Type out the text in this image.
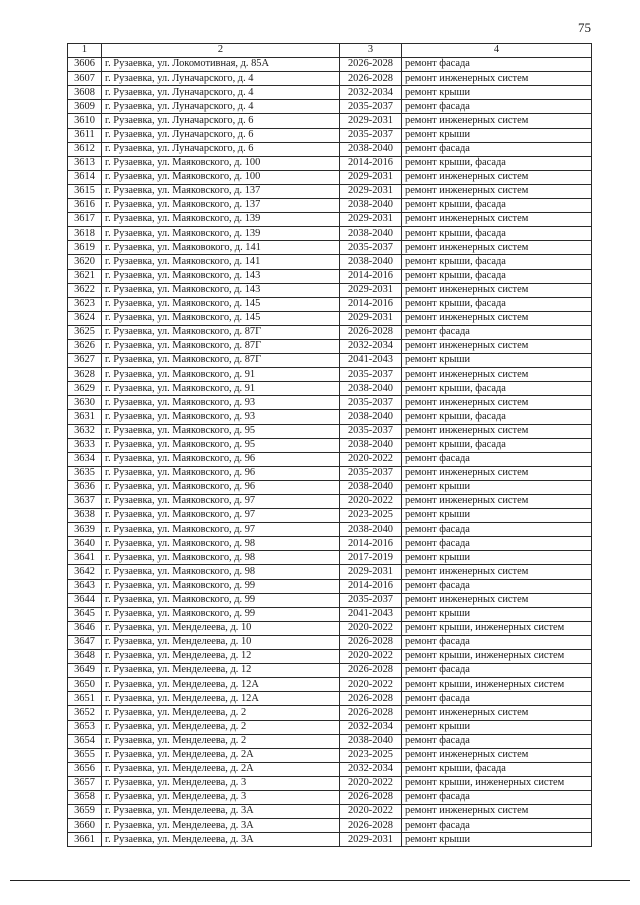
75
1	2	3	4
3606	г. Рузаевка, ул. Локомотивная, д. 85А	2026-2028	ремонт фасада
3607	г. Рузаевка, ул. Луначарского, д. 4	2026-2028	ремонт инженерных систем
3608	г. Рузаевка, ул. Луначарского, д. 4	2032-2034	ремонт крыши
3609	г. Рузаевка, ул. Луначарского, д. 4	2035-2037	ремонт фасада
3610	г. Рузаевка, ул. Луначарского, д. 6	2029-2031	ремонт инженерных систем
3611	г. Рузаевка, ул. Луначарского, д. 6	2035-2037	ремонт крыши
3612	г. Рузаевка, ул. Луначарского, д. 6	2038-2040	ремонт фасада
3613	г. Рузаевка, ул. Маяковского, д. 100	2014-2016	ремонт крыши, фасада
3614	г. Рузаевка, ул. Маяковского, д. 100	2029-2031	ремонт инженерных систем
3615	г. Рузаевка, ул. Маяковского, д. 137	2029-2031	ремонт инженерных систем
3616	г. Рузаевка, ул. Маяковского, д. 137	2038-2040	ремонт крыши, фасада
3617	г. Рузаевка, ул. Маяковского, д. 139	2029-2031	ремонт инженерных систем
3618	г. Рузаевка, ул. Маяковского, д. 139	2038-2040	ремонт крыши, фасада
3619	г. Рузаевка, ул. Маяковокого, д. 141	2035-2037	ремонт инженерных систем
3620	г. Рузаевка, ул. Маяковского, д. 141	2038-2040	ремонт крыши, фасада
3621	г. Рузаевка, ул. Маяковского, д. 143	2014-2016	ремонт крыши, фасада
3622	г. Рузаевка, ул. Маяковского, д. 143	2029-2031	ремонт инженерных систем
3623	г. Рузаевка, ул. Маяковского, д. 145	2014-2016	ремонт крыши, фасада
3624	г. Рузаевка, ул. Маяковского, д. 145	2029-2031	ремонт инженерных систем
3625	г. Рузаевка, ул. Маяковского, д. 87Г	2026-2028	ремонт фасада
3626	г. Рузаевка, ул. Маяковского, д. 87Г	2032-2034	ремонт инженерных систем
3627	г. Рузаевка, ул. Маяковского, д. 87Г	2041-2043	ремонт крыши
3628	г. Рузаевка, ул. Маяковского, д. 91	2035-2037	ремонт инженерных систем
3629	г. Рузаевка, ул. Маяковского, д. 91	2038-2040	ремонт крыши, фасада
3630	г. Рузаевка, ул. Маяковского, д. 93	2035-2037	ремонт инженерных систем
3631	г. Рузаевка, ул. Маяковского, д. 93	2038-2040	ремонт крыши, фасада
3632	г. Рузаевка, ул. Маяковского, д. 95	2035-2037	ремонт инженерных систем
3633	г. Рузаевка, ул. Маяковского, д. 95	2038-2040	ремонт крыши, фасада
3634	г. Рузаевка, ул. Маяковского, д. 96	2020-2022	ремонт фасада
3635	г. Рузаевка, ул. Маяковского, д. 96	2035-2037	ремонт инженерных систем
3636	г. Рузаевка, ул. Маяковского, д. 96	2038-2040	ремонт крыши
3637	г. Рузаевка, ул. Маяковского, д. 97	2020-2022	ремонт инженерных систем
3638	г. Рузаевка, ул. Маяковского, д. 97	2023-2025	ремонт крыши
3639	г. Рузаевка, ул. Маяковского, д. 97	2038-2040	ремонт фасада
3640	г. Рузаевка, ул. Маяковского, д. 98	2014-2016	ремонт фасада
3641	г. Рузаевка, ул. Маяковского, д. 98	2017-2019	ремонт крыши
3642	г. Рузаевка, ул. Маяковского, д. 98	2029-2031	ремонт инженерных систем
3643	г. Рузаевка, ул. Маяковского, д. 99	2014-2016	ремонт фасада
3644	г. Рузаевка, ул. Маяковского, д. 99	2035-2037	ремонт инженерных систем
3645	г. Рузаевка, ул. Маяковского, д. 99	2041-2043	ремонт крыши
3646	г. Рузаевка, ул. Менделеева, д. 10	2020-2022	ремонт крыши, инженерных систем
3647	г. Рузаевка, ул. Менделеева, д. 10	2026-2028	ремонт фасада
3648	г. Рузаевка, ул. Менделеева, д. 12	2020-2022	ремонт крыши, инженерных систем
3649	г. Рузаевка, ул. Менделеева, д. 12	2026-2028	ремонт фасада
3650	г. Рузаевка, ул. Менделеева, д. 12А	2020-2022	ремонт крыши, инженерных систем
3651	г. Рузаевка, ул. Менделеева, д. 12А	2026-2028	ремонт фасада
3652	г. Рузаевка, ул. Менделеева, д. 2	2026-2028	ремонт инженерных систем
3653	г. Рузаевка, ул. Менделеева, д. 2	2032-2034	ремонт крыши
3654	г. Рузаевка, ул. Менделеева, д. 2	2038-2040	ремонт фасада
3655	г. Рузаевка, ул. Менделеева, д. 2А	2023-2025	ремонт инженерных систем
3656	г. Рузаевка, ул. Менделеева, д. 2А	2032-2034	ремонт крыши, фасада
3657	г. Рузаевка, ул. Менделеева, д. 3	2020-2022	ремонт крыши, инженерных систем
3658	г. Рузаевка, ул. Менделеева, д. 3	2026-2028	ремонт фасада
3659	г. Рузаевка, ул. Менделеева, д. 3А	2020-2022	ремонт инженерных систем
3660	г. Рузаевка, ул. Менделеева, д. 3А	2026-2028	ремонт фасада
3661	г. Рузаевка, ул. Менделеева, д. 3А	2029-2031	ремонт крыши
